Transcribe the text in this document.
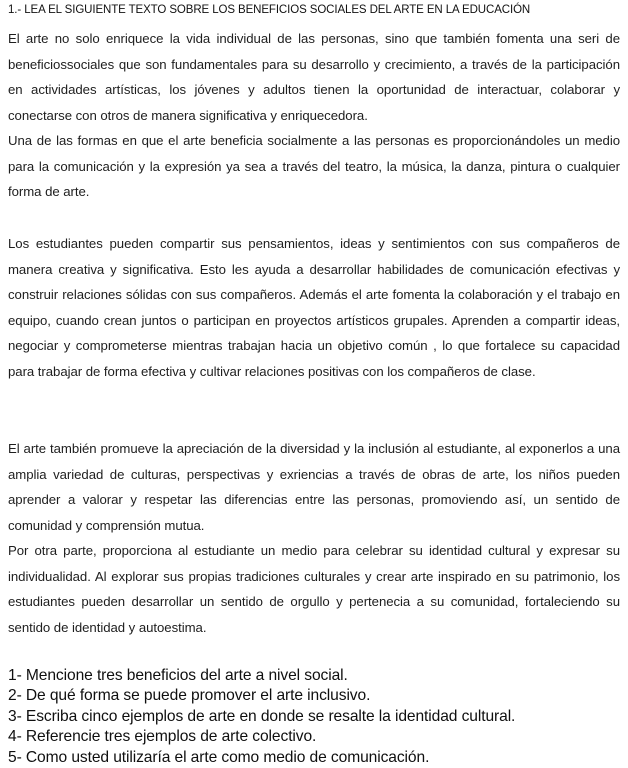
1.- LEA EL SIGUIENTE TEXTO SOBRE LOS BENEFICIOS SOCIALES DEL ARTE EN LA EDUCACIÓN
El arte no solo enriquece la vida individual de las personas, sino que también fomenta una seri de beneficiossociales que son fundamentales para su desarrollo y crecimiento, a través de la participación en actividades artísticas, los jóvenes y adultos tienen la oportunidad de interactuar, colaborar y conectarse con otros de manera significativa y enriquecedora.
Una de las formas en que el arte beneficia socialmente a las personas es proporcionándoles un medio para la comunicación y la expresión ya sea a través del teatro, la música, la danza, pintura o cualquier forma de arte.
Los estudiantes pueden compartir sus pensamientos, ideas y sentimientos con sus compañeros de manera creativa y significativa. Esto les ayuda a desarrollar habilidades de comunicación efectivas y construir relaciones sólidas con sus compañeros. Además el arte fomenta la colaboración y el trabajo en equipo, cuando crean juntos o participan en proyectos artísticos grupales. Aprenden a compartir ideas, negociar y comprometerse mientras trabajan hacia un objetivo común , lo que fortalece su capacidad para trabajar de forma efectiva y cultivar relaciones positivas con los compañeros de clase.
El arte también promueve la apreciación de la diversidad y la inclusión al estudiante, al exponerlos a una amplia variedad de culturas, perspectivas y exriencias a través de obras de arte, los niños pueden aprender a valorar y respetar las diferencias entre las personas, promoviendo así, un sentido de comunidad y comprensión mutua.
Por otra parte, proporciona al estudiante un medio para celebrar su identidad cultural y expresar su individualidad. Al explorar sus propias tradiciones culturales y crear arte inspirado en su patrimonio, los estudiantes pueden desarrollar un sentido de orgullo y pertenecia a su comunidad, fortaleciendo su sentido de identidad y autoestima.
1- Mencione tres beneficios del arte a nivel social.
2- De qué forma se puede promover el arte inclusivo.
3- Escriba cinco ejemplos de arte en donde se resalte la identidad cultural.
4- Referencie tres ejemplos de arte colectivo.
5- Como usted utilizaría el arte como medio de comunicación.
